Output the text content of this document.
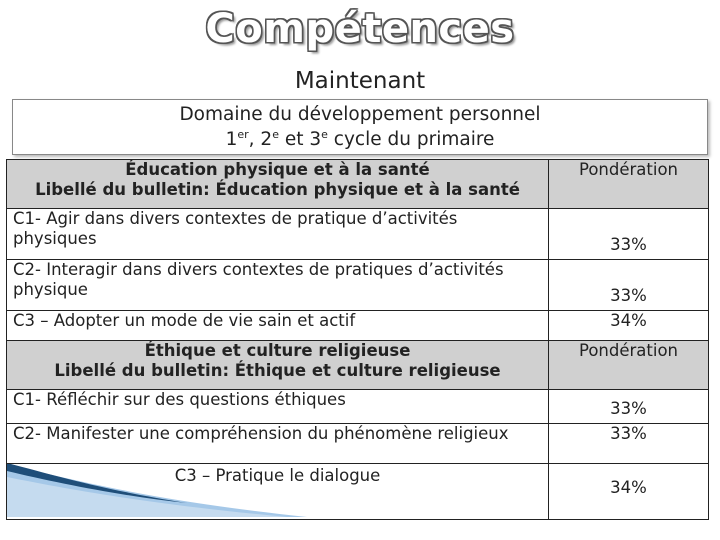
Compétences
Maintenant
Domaine du développement personnel
1er, 2e et 3e cycle du primaire
Éducation physique et à la santé
Libellé du bulletin: Éducation physique et à la santé	Pondération
C1- Agir dans divers contextes de pratique d’activités physiques	33%
C2- Interagir dans divers contextes de pratiques d’activités physique	33%
C3 – Adopter un mode de vie sain et actif	34%

Éthique et culture religieuse
Libellé du bulletin: Éthique et culture religieuse	Pondération
C1- Réfléchir sur des questions éthiques	33%
C2- Manifester une compréhension du phénomène religieux	33%

C3 – Pratique le dialogue	34%
